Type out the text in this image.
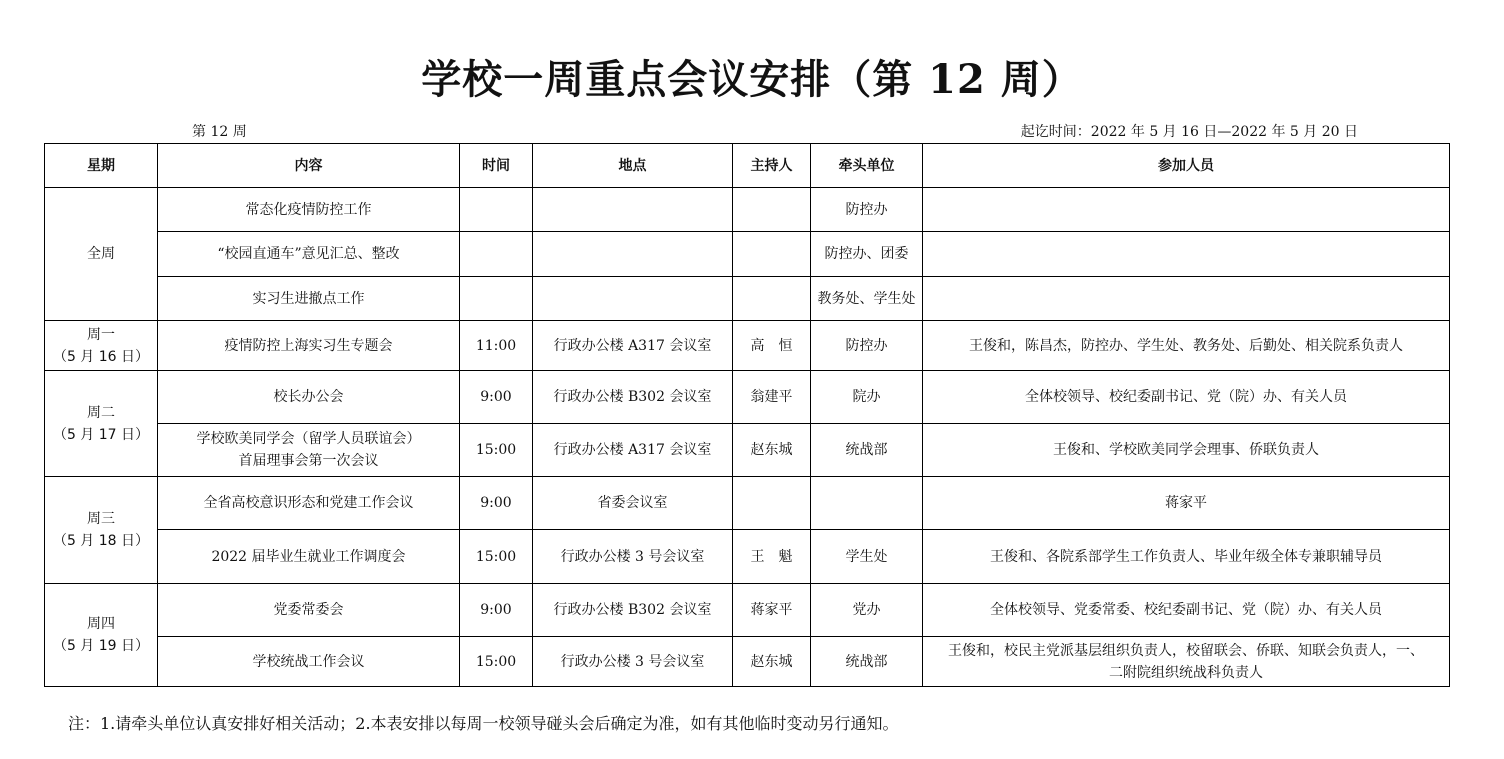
学校一周重点会议安排（第 12 周）
第 12 周	起讫时间：2022 年 5 月 16 日—2022 年 5 月 20 日
星期	内容	时间	地点	主持人	牵头单位	参加人员

全周	常态化疫情防控工作				防控办	
	“校园直通车”意见汇总、整改				防控办、团委	
	实习生进撤点工作				教务处、学生处	

周一
（5 月 16 日）	疫情防控上海实习生专题会	11:00	行政办公楼 A317 会议室	高　恒	防控办	王俊和，陈昌杰，防控办、学生处、教务处、后勤处、相关院系负责人

周二
（5 月 17 日）	校长办公会	9:00	行政办公楼 B302 会议室	翁建平	院办	全体校领导、校纪委副书记、党（院）办、有关人员

	学校欧美同学会（留学人员联谊会）
首届理事会第一次会议	15:00	行政办公楼 A317 会议室	赵东城	统战部	王俊和、学校欧美同学会理事、侨联负责人

周三
（5 月 18 日）	全省高校意识形态和党建工作会议	9:00	省委会议室			蒋家平
	2022 届毕业生就业工作调度会	15:00	行政办公楼 3 号会议室	王　魁	学生处	王俊和、各院系部学生工作负责人、毕业年级全体专兼职辅导员

周四
（5 月 19 日）	党委常委会	9:00	行政办公楼 B302 会议室	蒋家平	党办	全体校领导、党委常委、校纪委副书记、党（院）办、有关人员
	学校统战工作会议	15:00	行政办公楼 3 号会议室	赵东城	统战部	王俊和，校民主党派基层组织负责人，校留联会、侨联、知联会负责人，一、
二附院组织统战科负责人
注：1.请牵头单位认真安排好相关活动；2.本表安排以每周一校领导碰头会后确定为准，如有其他临时变动另行通知。
